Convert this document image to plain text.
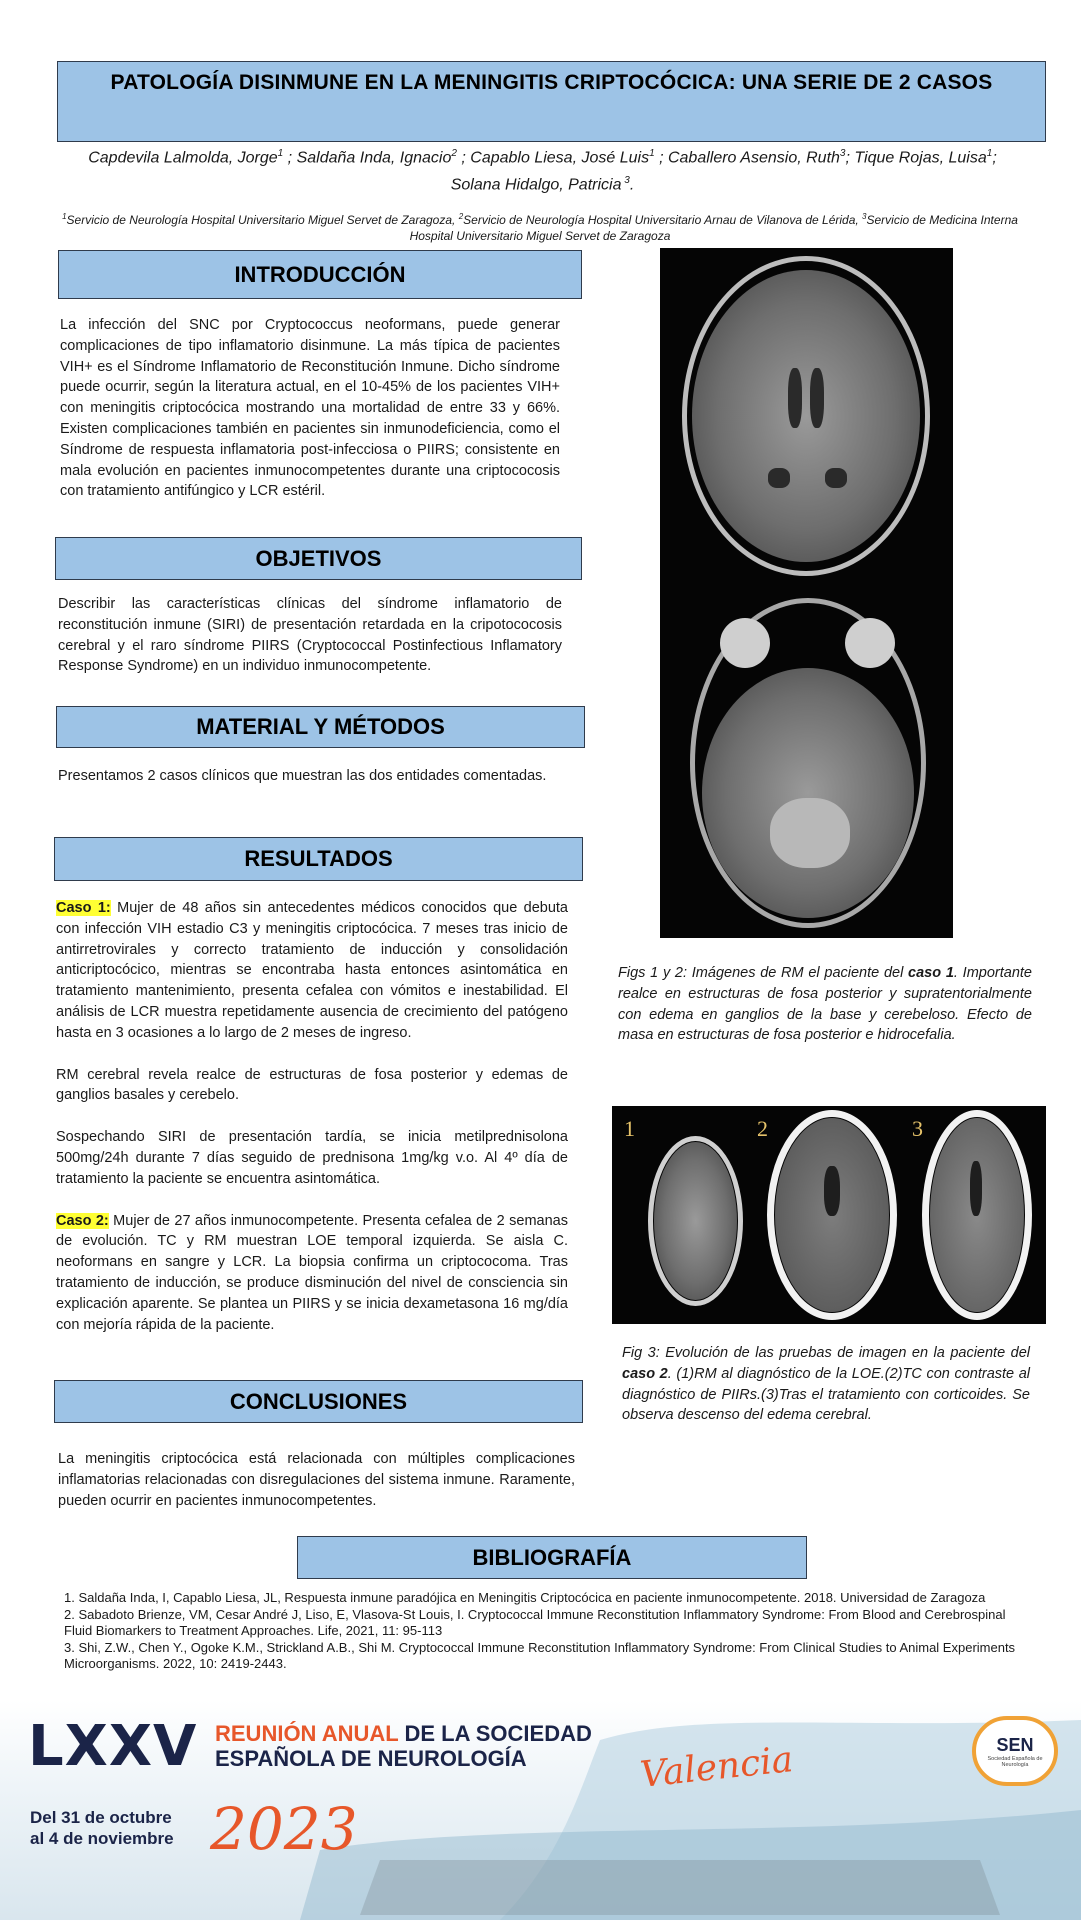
PATOLOGÍA DISINMUNE EN LA MENINGITIS CRIPTOCÓCICA: UNA SERIE DE 2 CASOS
Capdevila Lalmolda, Jorge$^1$ ; Saldaña Inda, Ignacio$^2$ ; Capablo Liesa, José Luis$^1$ ; Caballero Asensio, Ruth$^3$; Tique Rojas, Luisa$^1$; Solana Hidalgo, Patricia $^3$.
$^1$Servicio de Neurología Hospital Universitario Miguel Servet de Zaragoza, $^2$Servicio de Neurología Hospital Universitario Arnau de Vilanova de Lérida, $^3$Servicio de Medicina Interna Hospital Universitario Miguel Servet de Zaragoza
INTRODUCCIÓN
La infección del SNC por Cryptococcus neoformans, puede generar complicaciones de tipo inflamatorio disinmune. La más típica de pacientes VIH+ es el Síndrome Inflamatorio de Reconstitución Inmune. Dicho síndrome puede ocurrir, según la literatura actual, en el 10-45% de los pacientes VIH+ con meningitis criptocócica mostrando una mortalidad de entre 33 y 66%. Existen complicaciones también en pacientes sin inmunodeficiencia, como el Síndrome de respuesta inflamatoria post-infecciosa o PIIRS; consistente en mala evolución en pacientes inmunocompetentes durante una criptococosis con tratamiento antifúngico y LCR estéril.
OBJETIVOS
Describir las características clínicas del síndrome inflamatorio de reconstitución inmune (SIRI) de presentación retardada en la cripotococosis cerebral y el raro síndrome PIIRS (Cryptococcal Postinfectious Inflamatory Response Syndrome) en un individuo inmunocompetente.
MATERIAL Y MÉTODOS
Presentamos 2 casos clínicos que muestran las dos entidades comentadas.
RESULTADOS
Caso 1: Mujer de 48 años sin antecedentes médicos conocidos que debuta con infección VIH estadio C3 y meningitis criptocócica. 7 meses tras inicio de antirretrovirales y correcto tratamiento de inducción y consolidación anticriptocócico, mientras se encontraba hasta entonces asintomática en tratamiento mantenimiento, presenta cefalea con vómitos e inestabilidad. El análisis de LCR muestra repetidamente ausencia de crecimiento del patógeno hasta en 3 ocasiones a lo largo de 2 meses de ingreso.
RM cerebral revela realce de estructuras de fosa posterior y edemas de ganglios basales y cerebelo.
Sospechando SIRI de presentación tardía, se inicia metilprednisolona 500mg/24h durante 7 días seguido de prednisona 1mg/kg v.o. Al 4º día de tratamiento la paciente se encuentra asintomática.
Caso 2: Mujer de 27 años inmunocompetente. Presenta cefalea de 2 semanas de evolución. TC y RM muestran LOE temporal izquierda. Se aisla C. neoformans en sangre y LCR. La biopsia confirma un criptococoma. Tras tratamiento de inducción, se produce disminución del nivel de consciencia sin explicación aparente. Se plantea un PIIRS y se inicia dexametasona 16 mg/día con mejoría rápida de la paciente.
CONCLUSIONES
La meningitis criptocócica está relacionada con múltiples complicaciones inflamatorias relacionadas con disregulaciones del sistema inmune. Raramente, pueden ocurrir en pacientes inmunocompetentes.
BIBLIOGRAFÍA

1. Saldaña Inda, I, Capablo Liesa, JL, Respuesta inmune paradójica en Meningitis Criptocócica en paciente inmunocompetente. 2018. Universidad de Zaragoza

2. Sabadoto Brienze, VM, Cesar André J, Liso, E, Vlasova-St Louis, I. Cryptococcal Immune Reconstitution Inflammatory Syndrome: From Blood and Cerebrospinal Fluid Biomarkers to Treatment Approaches. Life, 2021, 11: 95-113

3. Shi, Z.W., Chen Y., Ogoke K.M., Strickland A.B., Shi M. Cryptococcal Immune Reconstitution Inflammatory Syndrome: From Clinical Studies to Animal Experiments Microorganisms. 2022, 10: 2419-2443.

Figs 1 y 2: Imágenes de RM el paciente del caso 1. Importante realce en estructuras de fosa posterior y supratentorialmente con edema en ganglios de la base y cerebeloso. Efecto de masa en estructuras de fosa posterior e hidrocefalia.
1	2	3
Fig 3: Evolución de las pruebas de imagen en la paciente del caso 2. (1)RM al diagnóstico de la LOE.(2)TC con contraste al diagnóstico de PIIRs.(3)Tras el tratamiento con corticoides. Se observa descenso del edema cerebral.
LXXV REUNIÓN ANUAL DE LA SOCIEDAD
ESPAÑOLA DE NEUROLOGÍA
Del 31 de octubre
al 4 de noviembre 2023
Valencia	SEN
Sociedad Española de Neurología
